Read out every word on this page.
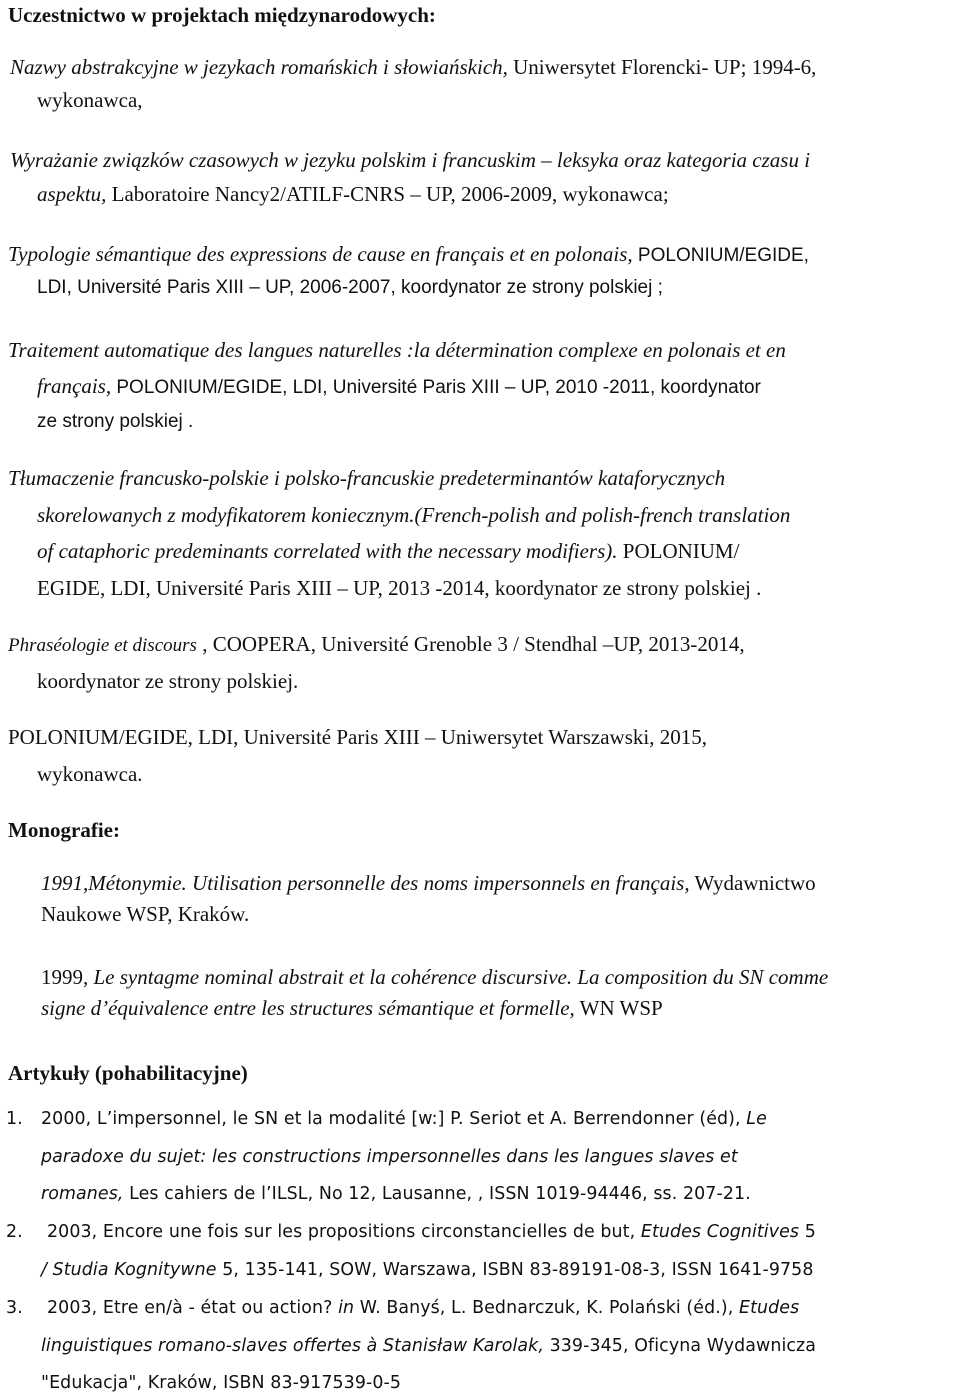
Uczestnictwo w projektach międzynarodowych:
Nazwy abstrakcyjne w jezykach romańskich i słowiańskich, Uniwersytet Florencki- UP; 1994-6,
wykonawca,
Wyrażanie związków czasowych w jezyku polskim i francuskim – leksyka oraz kategoria czasu i
aspektu, Laboratoire Nancy2/ATILF-CNRS – UP, 2006-2009, wykonawca;
Typologie sémantique des expressions de cause en français et en polonais, POLONIUM/EGIDE,
LDI, Université Paris XIII – UP, 2006-2007, koordynator ze strony polskiej ;
Traitement automatique des langues naturelles :la détermination complexe en polonais et en
français, POLONIUM/EGIDE, LDI, Université Paris XIII – UP, 2010 -2011, koordynator
ze strony polskiej .
Tłumaczenie francusko-polskie i polsko-francuskie predeterminantów kataforycznych
skorelowanych z modyfikatorem koniecznym.(French-polish and polish-french translation
of cataphoric predeminants correlated with the necessary modifiers). POLONIUM/
EGIDE, LDI, Université Paris XIII – UP, 2013 -2014, koordynator ze strony polskiej .
Phraséologie et discours , COOPERA, Université Grenoble 3 / Stendhal –UP, 2013-2014,
koordynator ze strony polskiej.
POLONIUM/EGIDE, LDI, Université Paris XIII – Uniwersytet Warszawski, 2015,
wykonawca.
Monografie:
1991,Métonymie. Utilisation personnelle des noms impersonnels en français, Wydawnictwo
Naukowe WSP, Kraków.
1999, Le syntagme nominal abstrait et la cohérence discursive. La composition du SN comme
signe d’équivalence entre les structures sémantique et formelle, WN WSP
Artykuły (pohabilitacyjne)
1. 2000, L’impersonnel, le SN et la modalité [w:] P. Seriot et A. Berrendonner (éd), Le
paradoxe du sujet: les constructions impersonnelles dans les langues slaves et
romanes, Les cahiers de l’ILSL, No 12, Lausanne, , ISSN 1019-94446, ss. 207-21.
2. 2003, Encore une fois sur les propositions circonstancielles de but, Etudes Cognitives 5
/ Studia Kognitywne 5, 135-141, SOW, Warszawa, ISBN 83-89191-08-3, ISSN 1641-9758
3. 2003, Etre en/à - état ou action? in W. Banyś, L. Bednarczuk, K. Polański (éd.), Etudes
linguistiques romano-slaves offertes à Stanisław Karolak, 339-345, Oficyna Wydawnicza
"Edukacja", Kraków, ISBN 83-917539-0-5
